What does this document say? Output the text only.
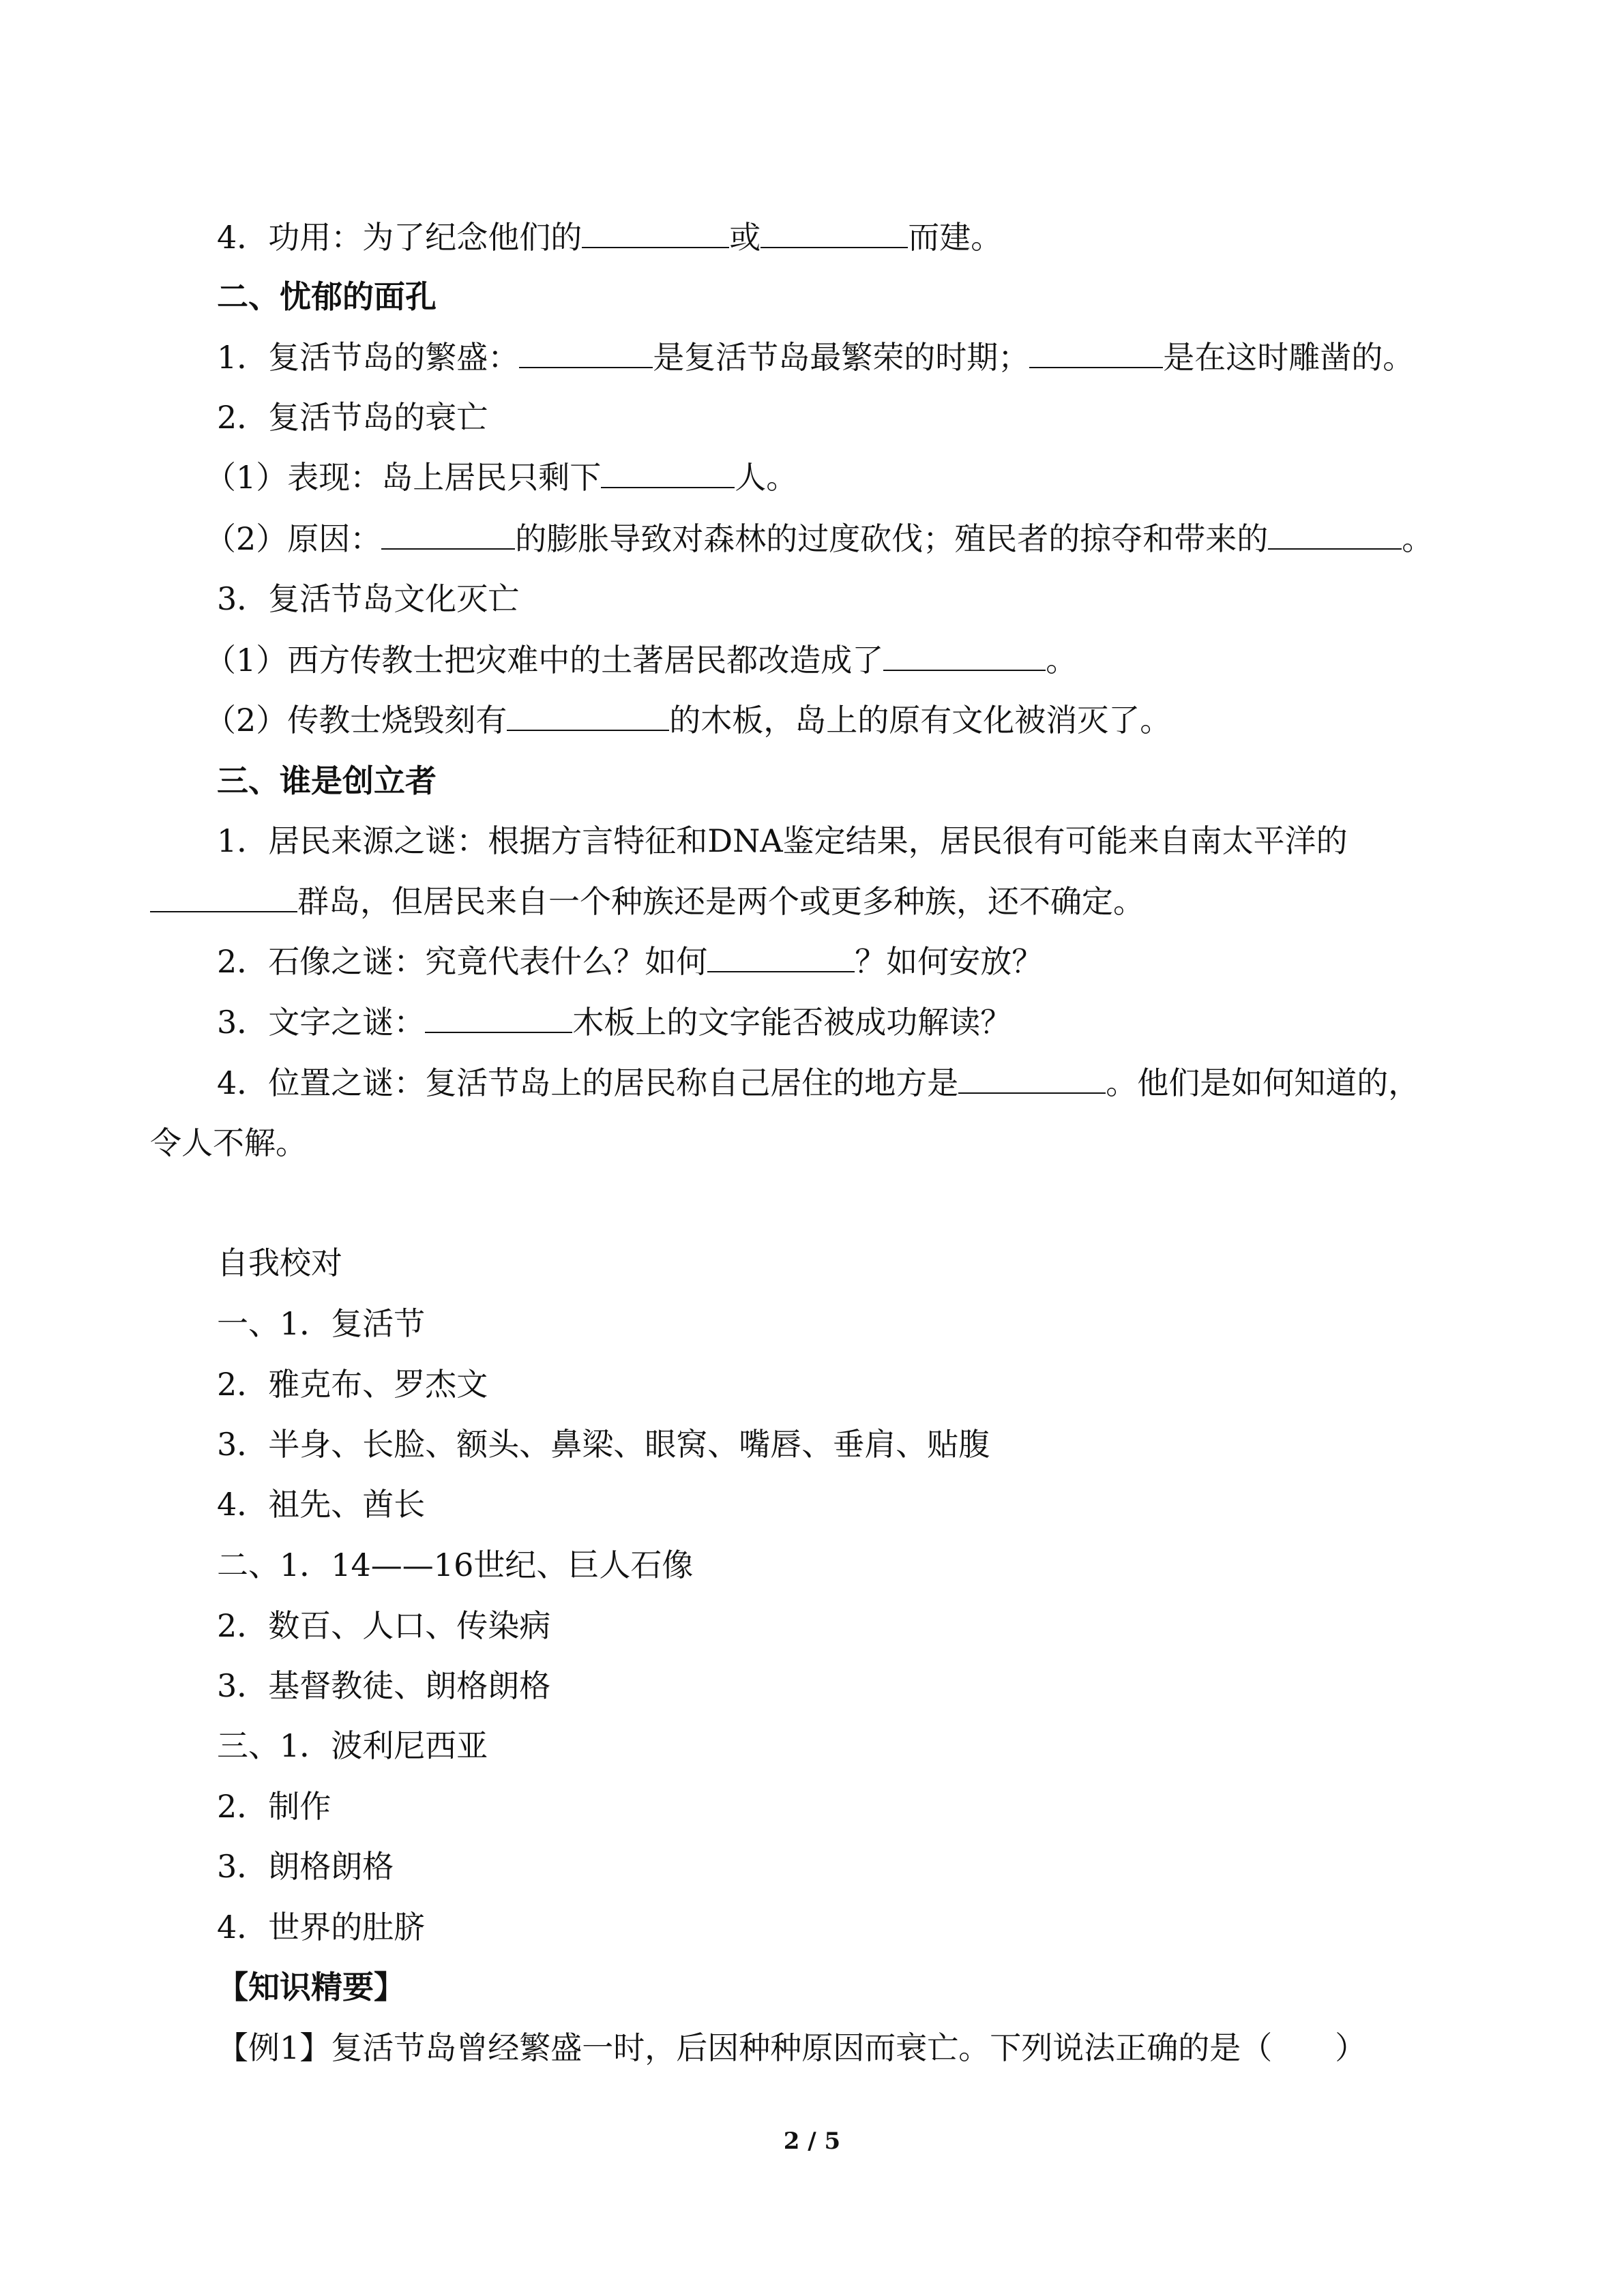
4．功用：为了纪念他们的	或	而建。
二、忧郁的面孔
1．复活节岛的繁盛：	是复活节岛最繁荣的时期；	是在这时雕凿的。
2．复活节岛的衰亡
（1）表现：岛上居民只剩下	人。
（2）原因：	的膨胀导致对森林的过度砍伐；殖民者的掠夺和带来的	。
3．复活节岛文化灭亡
（1）西方传教士把灾难中的土著居民都改造成了	。
（2）传教士烧毁刻有	的木板，岛上的原有文化被消灭了。
三、谁是创立者
1．居民来源之谜：根据方言特征和DNA鉴定结果，居民很有可能来自南太平洋的
群岛，但居民来自一个种族还是两个或更多种族，还不确定。
2．石像之谜：究竟代表什么？如何	？如何安放？
3．文字之谜：	木板上的文字能否被成功解读？
4．位置之谜：复活节岛上的居民称自己居住的地方是	。他们是如何知道的，
令人不解。
自我校对
一、1．复活节
2．雅克布、罗杰文
3．半身、长脸、额头、鼻梁、眼窝、嘴唇、垂肩、贴腹
4．祖先、酋长
二、1．14——16世纪、巨人石像
2．数百、人口、传染病
3．基督教徒、朗格朗格
三、1．波利尼西亚
2．制作
3．朗格朗格
4．世界的肚脐
【知识精要】
【例1】复活节岛曾经繁盛一时，后因种种原因而衰亡。下列说法正确的是（　　）
2 / 5
